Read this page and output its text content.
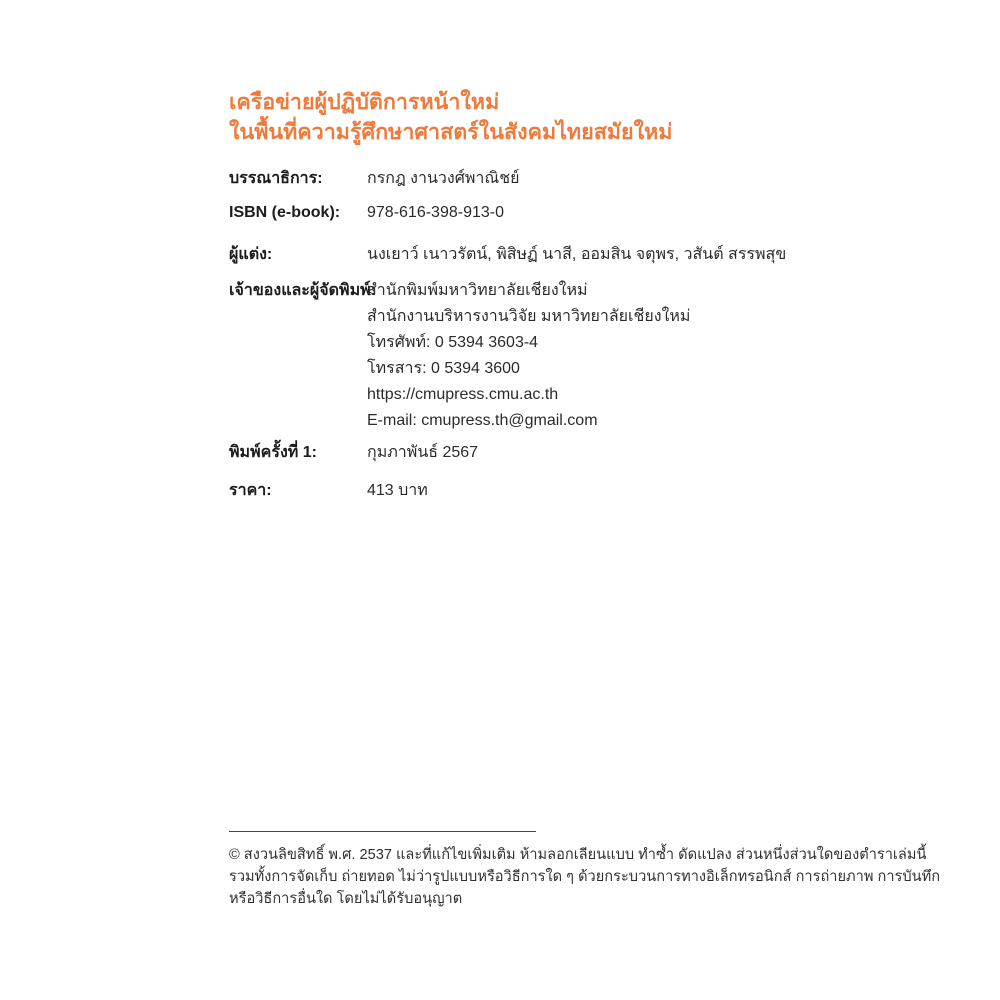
เครือข่ายผู้ปฏิบัติการหน้าใหม่
ในพื้นที่ความรู้ศึกษาศาสตร์ในสังคมไทยสมัยใหม่
บรรณาธิการ:	กรกฎ งานวงศ์พาณิชย์
ISBN (e-book):	978-616-398-913-0
ผู้แต่ง:	นงเยาว์ เนาวรัตน์, พิสิษฏ์ นาสี, ออมสิน จตุพร, วสันต์ สรรพสุข
เจ้าของและผู้จัดพิมพ์:
สำนักพิมพ์มหาวิทยาลัยเชียงใหม่
สำนักงานบริหารงานวิจัย มหาวิทยาลัยเชียงใหม่
โทรศัพท์: 0 5394 3603-4
โทรสาร: 0 5394 3600
https://cmupress.cmu.ac.th
E-mail: cmupress.th@gmail.com
พิมพ์ครั้งที่ 1:	กุมภาพันธ์ 2567
ราคา:	413 บาท
© สงวนลิขสิทธิ์ พ.ศ. 2537 และที่แก้ไขเพิ่มเติม ห้ามลอกเลียนแบบ ทำซ้ำ ดัดแปลง ส่วนหนึ่งส่วนใดของตำราเล่มนี้
รวมทั้งการจัดเก็บ ถ่ายทอด ไม่ว่ารูปแบบหรือวิธีการใด ๆ ด้วยกระบวนการทางอิเล็กทรอนิกส์ การถ่ายภาพ การบันทึก
หรือวิธีการอื่นใด โดยไม่ได้รับอนุญาต
